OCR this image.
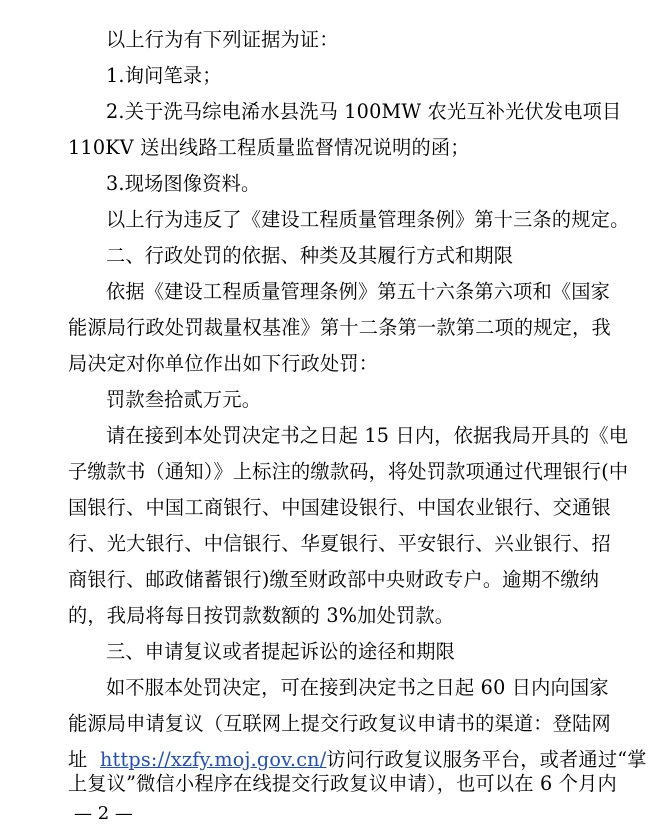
以上行为有下列证据为证：
1.询问笔录；
2.关于洗马综电浠水县洗马 100MW 农光互补光伏发电项目
110KV 送出线路工程质量监督情况说明的函；
3.现场图像资料。
以上行为违反了《建设工程质量管理条例》第十三条的规定。
二、行政处罚的依据、种类及其履行方式和期限
依据《建设工程质量管理条例》第五十六条第六项和《国家
能源局行政处罚裁量权基准》第十二条第一款第二项的规定，我
局决定对你单位作出如下行政处罚：
罚款叁拾贰万元。
请在接到本处罚决定书之日起 15 日内，依据我局开具的《电
子缴款书（通知）》上标注的缴款码，将处罚款项通过代理银行(中
国银行、中国工商银行、中国建设银行、中国农业银行、交通银
行、光大银行、中信银行、华夏银行、平安银行、兴业银行、招
商银行、邮政储蓄银行)缴至财政部中央财政专户。逾期不缴纳
的，我局将每日按罚款数额的 3%加处罚款。
三、申请复议或者提起诉讼的途径和期限
如不服本处罚决定，可在接到决定书之日起 60 日内向国家
能源局申请复议（互联网上提交行政复议申请书的渠道：登陆网
址 https://xzfy.moj.gov.cn/访问行政复议服务平台，或者通过“掌
上复议”微信小程序在线提交行政复议申请），也可以在 6 个月内
— 2 —
